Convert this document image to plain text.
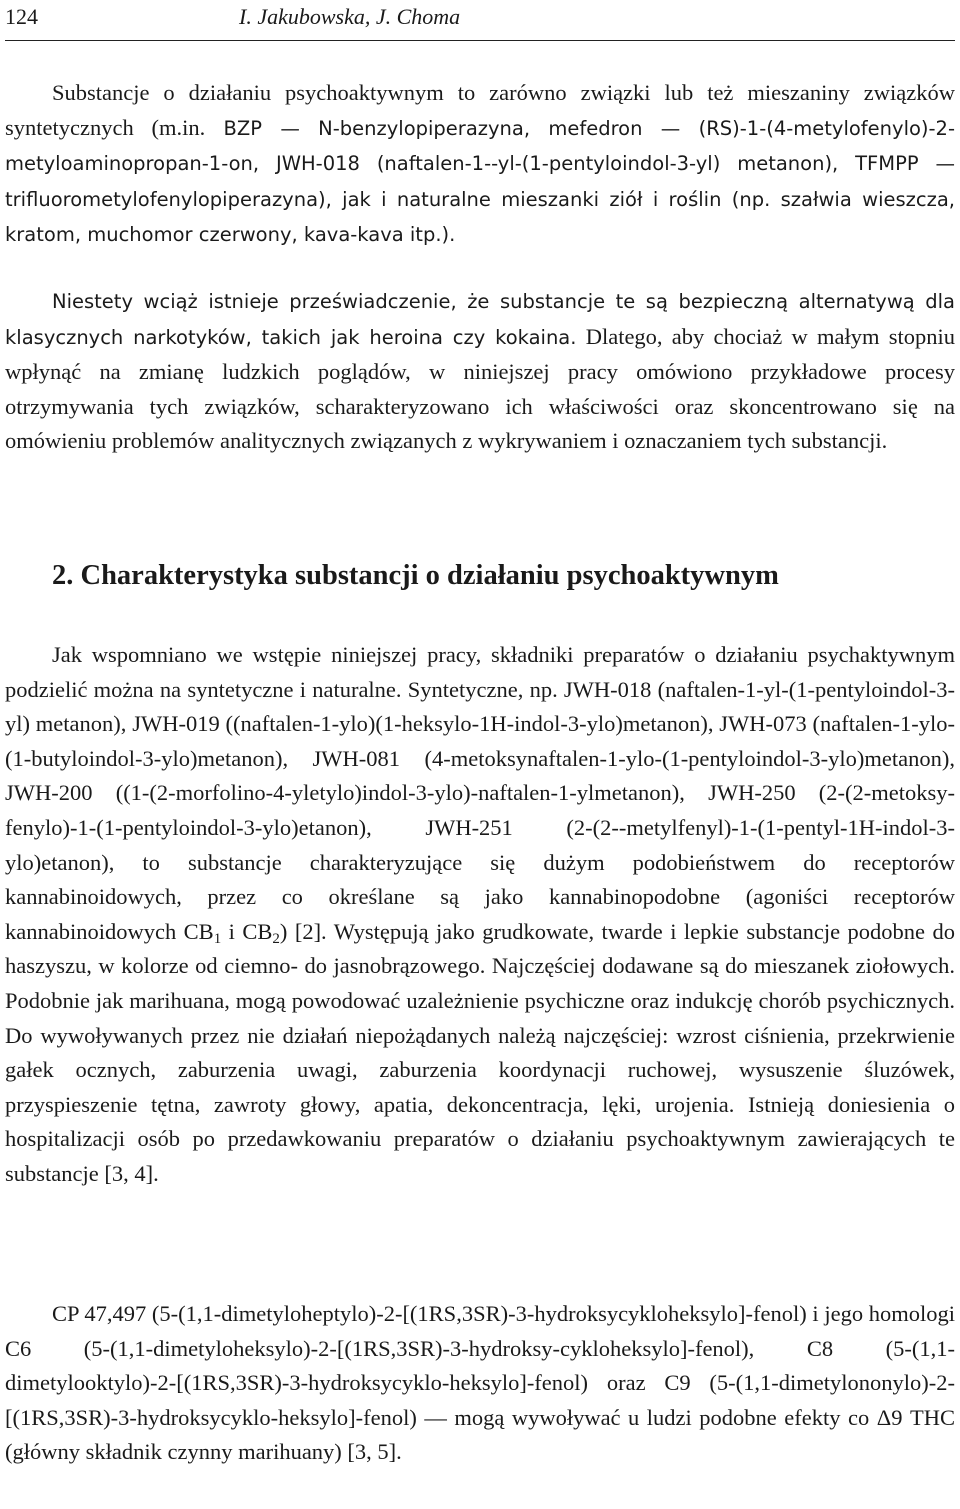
124	I. Jakubowska, J. Choma

Substancje o działaniu psychoaktywnym to zarówno związki lub też mieszaniny związków syntetycznych (m.in. BZP — N-benzylopiperazyna, mefedron — (RS)-1-(4-metylofenylo)-2-metyloaminopropan-1-on, JWH-018 (naftalen-1--yl-(1-pentyloindol-3-yl) metanon), TFMPP — trifluorometylofenylopiperazyna), jak i naturalne mieszanki ziół i roślin (np. szałwia wieszcza, kratom, muchomor czerwony, kava-kava itp.).

Niestety wciąż istnieje przeświadczenie, że substancje te są bezpieczną alternatywą dla klasycznych narkotyków, takich jak heroina czy kokaina. Dlatego, aby chociaż w małym stopniu wpłynąć na zmianę ludzkich poglądów, w niniejszej pracy omówiono przykładowe procesy otrzymywania tych związków, scharakteryzowano ich właściwości oraz skoncentrowano się na omówieniu problemów analitycznych związanych z wykrywaniem i oznaczaniem tych substancji.

2. Charakterystyka substancji o działaniu psychoaktywnym

Jak wspomniano we wstępie niniejszej pracy, składniki preparatów o działaniu psychaktywnym podzielić można na syntetyczne i naturalne. Syntetyczne, np. JWH-018 (naftalen-1-yl-(1-pentyloindol-3-yl) metanon), JWH-019 ((naftalen-1-ylo)(1-heksylo-1H-indol-3-ylo)metanon), JWH-073 (naftalen-1-ylo-(1-butyloindol-3-ylo)metanon), JWH-081 (4-metoksynaftalen-1-ylo-(1-pentyloindol-3-ylo)metanon), JWH-200 ((1-(2-morfolino-4-yletylo)indol-3-ylo)-naftalen-1-ylmetanon), JWH-250 (2-(2-metoksy-fenylo)-1-(1-pentyloindol-3-ylo)etanon), JWH-251 (2-(2--metylfenyl)-1-(1-pentyl-1H-indol-3-ylo)etanon), to substancje charakteryzujące się dużym podobieństwem do receptorów kannabinoidowych, przez co określane są jako kannabinopodobne (agoniści receptorów kannabinoidowych $CB_1$ i $CB_2$) [2]. Występują jako grudkowate, twarde i lepkie substancje podobne do haszyszu, w kolorze od ciemno- do jasnobrązowego. Najczęściej dodawane są do mieszanek ziołowych. Podobnie jak marihuana, mogą powodować uzależnienie psychiczne oraz indukcję chorób psychicznych. Do wywoływanych przez nie działań niepożądanych należą najczęściej: wzrost ciśnienia, przekrwienie gałek ocznych, zaburzenia uwagi, zaburzenia koordynacji ruchowej, wysuszenie śluzówek, przyspieszenie tętna, zawroty głowy, apatia, dekoncentracja, lęki, urojenia. Istnieją doniesienia o hospitalizacji osób po przedawkowaniu preparatów o działaniu psychoaktywnym zawierających te substancje [3, 4].

CP 47,497 (5-(1,1-dimetyloheptylo)-2-[(1RS,3SR)-3-hydroksycykloheksylo]-fenol) i jego homologi C6 (5-(1,1-dimetyloheksylo)-2-[(1RS,3SR)-3-hydroksy-cykloheksylo]-fenol), C8 (5-(1,1-dimetylooktylo)-2-[(1RS,3SR)-3-hydroksycyklo-heksylo]-fenol) oraz C9 (5-(1,1-dimetylononylo)-2-[(1RS,3SR)-3-hydroksycyklo-heksylo]-fenol) — mogą wywoływać u ludzi podobne efekty co Δ9 THC (główny składnik czynny marihuany) [3, 5].
